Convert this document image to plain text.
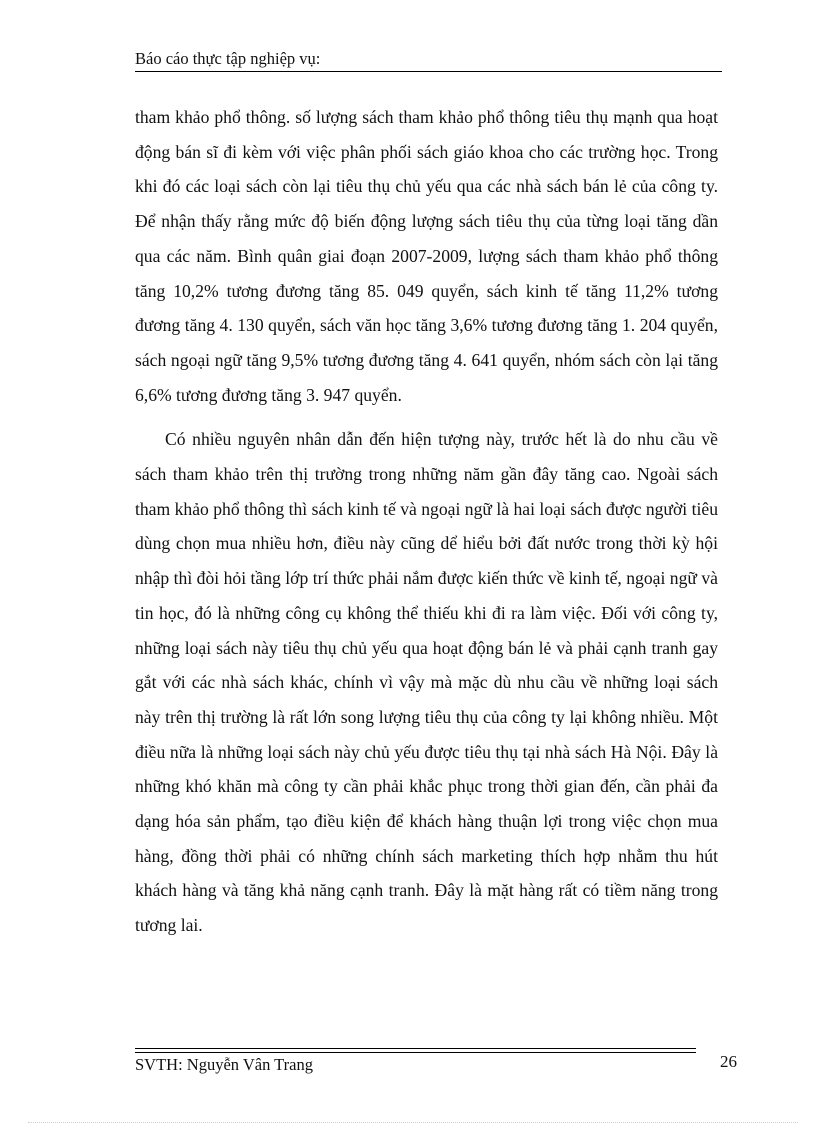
Báo cáo thực tập nghiệp vụ:

tham khảo phổ thông. số lượng sách tham khảo phổ thông tiêu thụ mạnh qua hoạt động bán sĩ đi kèm với việc phân phối sách giáo khoa cho các trường học. Trong khi đó các loại sách còn lại tiêu thụ chủ yếu qua các nhà sách bán lẻ của công ty. Để nhận thấy rằng mức độ biến động lượng sách tiêu thụ của từng loại tăng dần qua các năm. Bình quân giai đoạn 2007-2009, lượng sách tham khảo phổ thông tăng 10,2% tương đương tăng 85. 049 quyển, sách kinh tế tăng 11,2% tương đương tăng 4. 130 quyển, sách văn học tăng 3,6% tương đương tăng 1. 204 quyển, sách ngoại ngữ tăng 9,5% tương đương tăng 4. 641 quyển, nhóm sách còn lại tăng 6,6% tương đương tăng 3. 947 quyển.

Có nhiều nguyên nhân dẫn đến hiện tượng này, trước hết là do nhu cầu về sách tham khảo trên thị trường trong những năm gần đây tăng cao. Ngoài sách tham khảo phổ thông thì sách kinh tế và ngoại ngữ là hai loại sách được người tiêu dùng chọn mua nhiều hơn, điều này cũng dể hiểu bởi đất nước trong thời kỳ hội nhập thì đòi hỏi tầng lớp trí thức phải nắm được kiến thức về kinh tế, ngoại ngữ và tin học, đó là những công cụ không thể thiếu khi đi ra làm việc. Đối với công ty, những loại sách này tiêu thụ chủ yếu qua hoạt động bán lẻ và phải cạnh tranh gay gắt với các nhà sách khác, chính vì vậy mà mặc dù nhu cầu về những loại sách này trên thị trường là rất lớn song lượng tiêu thụ của công ty lại không nhiều. Một điều nữa là những loại sách này chủ yếu được tiêu thụ tại nhà sách Hà Nội. Đây là những khó khăn mà công ty cần phải khắc phục trong thời gian đến, cần phải đa dạng hóa sản phẩm, tạo điều kiện để khách hàng thuận lợi trong việc chọn mua hàng, đồng thời phải có những chính sách marketing thích hợp nhằm thu hút khách hàng và tăng khả năng cạnh tranh. Đây là mặt hàng rất có tiềm năng trong tương lai.

SVTH: Nguyễn Vân Trang	26
